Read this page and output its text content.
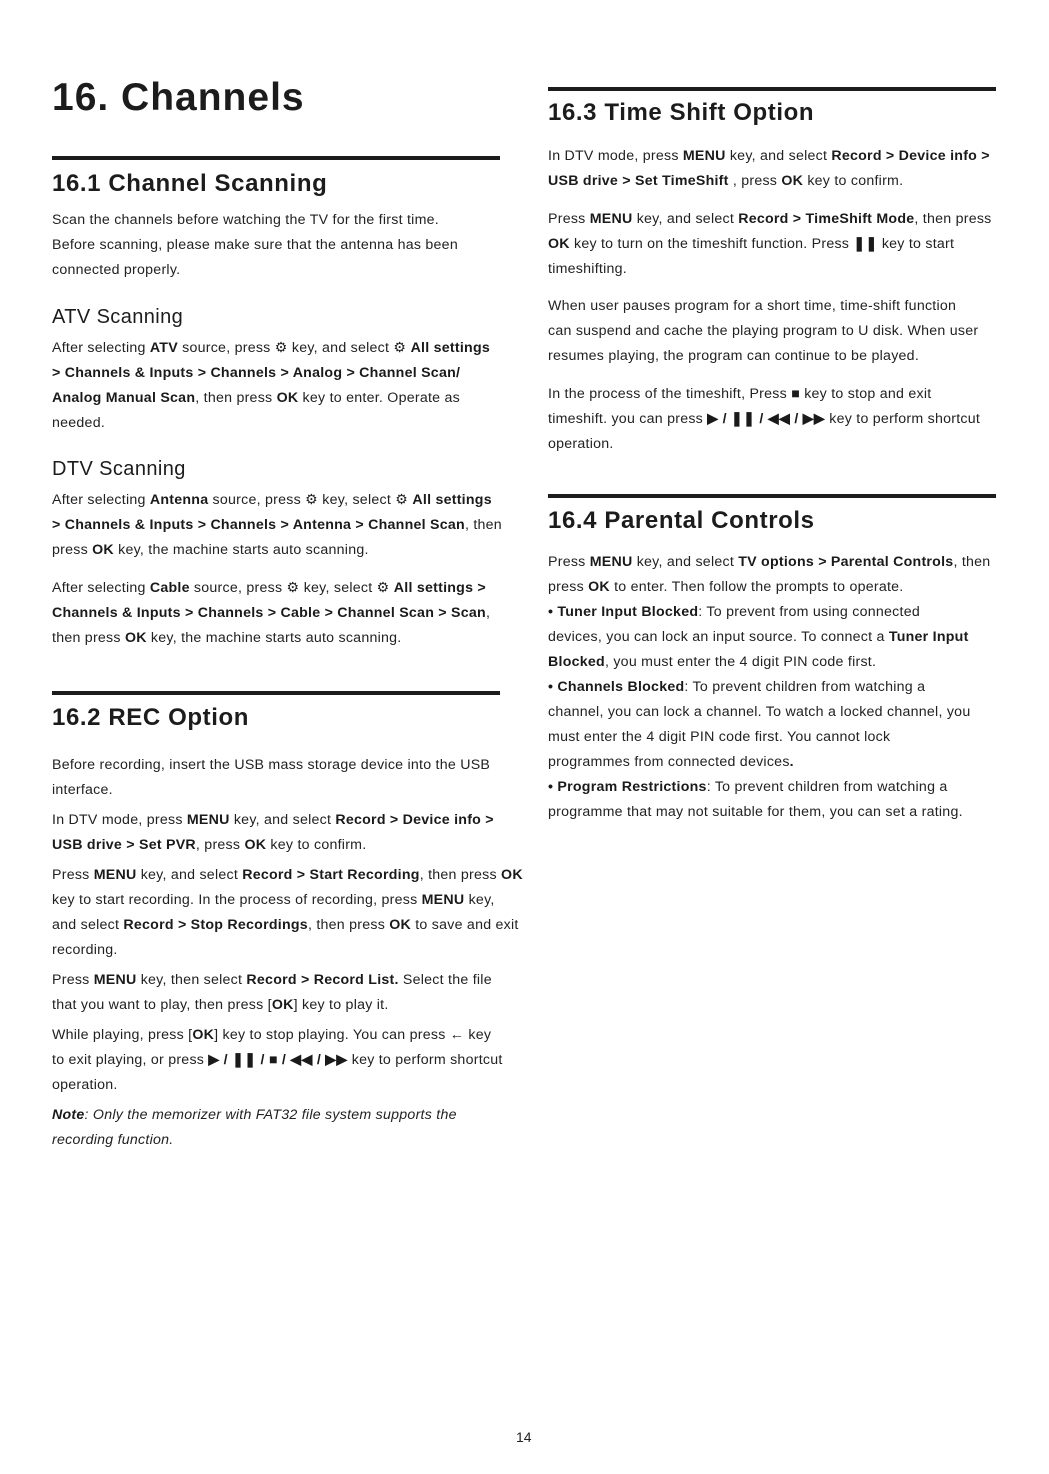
16. Channels
16.1 Channel Scanning
Scan the channels before watching the TV for the first time.
Before scanning, please make sure that the antenna has been
connected properly.
ATV Scanning
After selecting ATV source, press ⚙ key, and select ⚙ All settings
> Channels & Inputs > Channels > Analog > Channel Scan/
Analog Manual Scan, then press OK key to enter. Operate as
needed.
DTV Scanning
After selecting Antenna source, press ⚙ key, select ⚙ All settings
> Channels & Inputs > Channels > Antenna > Channel Scan, then
press OK key, the machine starts auto scanning.
After selecting Cable source, press ⚙ key, select ⚙ All settings >
Channels & Inputs > Channels > Cable > Channel Scan > Scan,
then press OK key, the machine starts auto scanning.
16.2 REC Option
Before recording, insert the USB mass storage device into the USB
interface.
In DTV mode, press MENU key, and select Record > Device info >
USB drive > Set PVR, press OK key to confirm.
Press MENU key, and select Record > Start Recording, then press OK
key to start recording. In the process of recording, press MENU key,
and select Record > Stop Recordings, then press OK to save and exit
recording.
Press MENU key, then select Record > Record List. Select the file
that you want to play, then press [OK] key to play it.
While playing, press [OK] key to stop playing. You can press ← key
to exit playing, or press ▶ / ❚❚ / ■ / ◀◀ / ▶▶ key to perform shortcut
operation.
Note: Only the memorizer with FAT32 file system supports the
recording function.
16.3 Time Shift Option
In DTV mode, press MENU key, and select Record > Device info >
USB drive > Set TimeShift , press OK key to confirm.
Press MENU key, and select Record > TimeShift Mode, then press
OK key to turn on the timeshift function. Press ❚❚ key to start
timeshifting.
When user pauses program for a short time, time-shift function
can suspend and cache the playing program to U disk. When user
resumes playing, the program can continue to be played.
In the process of the timeshift, Press ■ key to stop and exit
timeshift. you can press ▶ / ❚❚ / ◀◀ / ▶▶ key to perform shortcut
operation.
16.4 Parental Controls
Press MENU key, and select TV options > Parental Controls, then
press OK to enter. Then follow the prompts to operate.
• Tuner Input Blocked: To prevent from using connected
devices, you can lock an input source. To connect a Tuner Input
Blocked, you must enter the 4 digit PIN code first.
• Channels Blocked: To prevent children from watching a
channel, you can lock a channel. To watch a locked channel, you
must enter the 4 digit PIN code first. You cannot lock
programmes from connected devices.
• Program Restrictions: To prevent children from watching a
programme that may not suitable for them, you can set a rating.
14
